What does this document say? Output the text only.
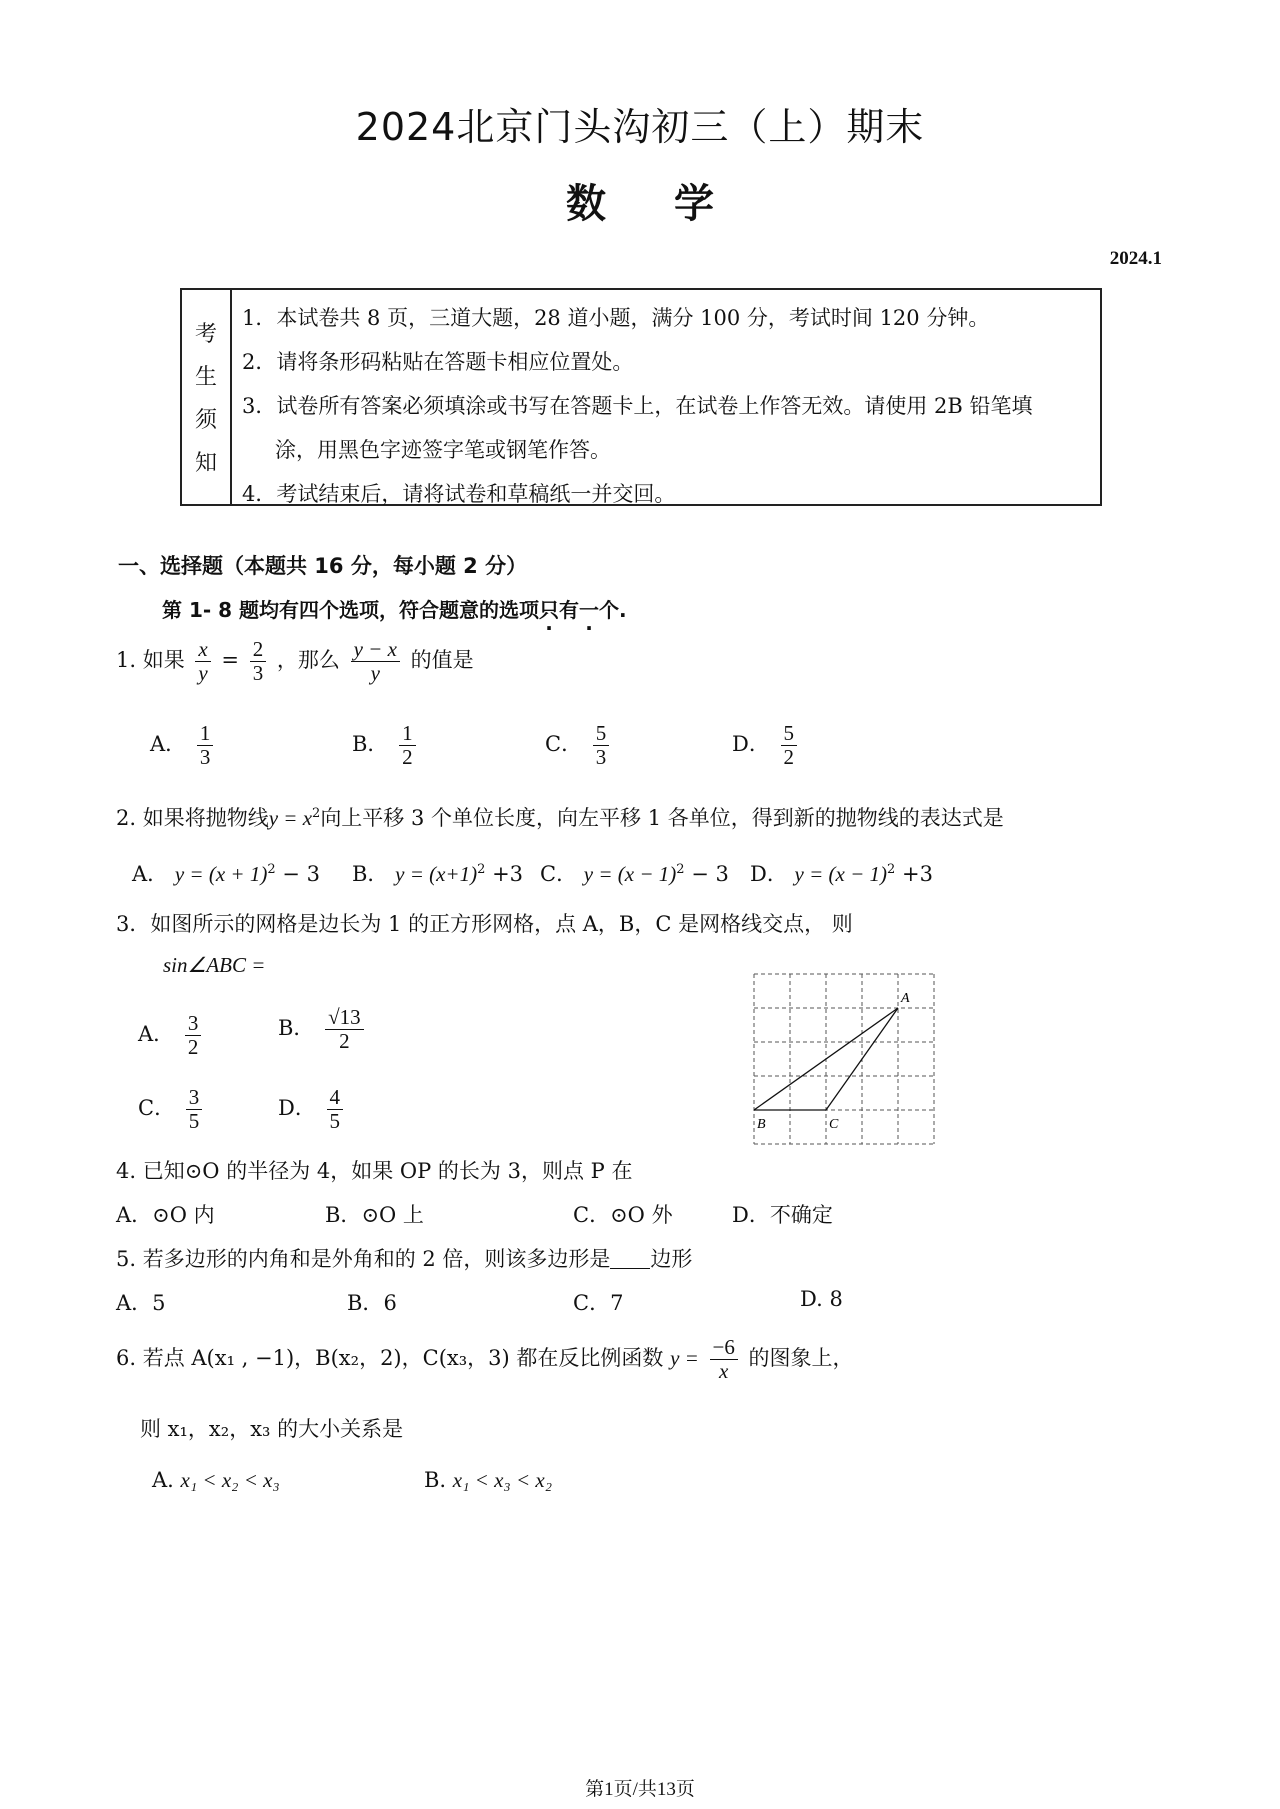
2024北京门头沟初三（上）期末
数学
2024.1
考
生
须
知
1．本试卷共 8 页，三道大题，28 道小题，满分 100 分，考试时间 120 分钟。
2．请将条形码粘贴在答题卡相应位置处。
3．试卷所有答案必须填涂或书写在答题卡上，在试卷上作答无效。请使用 2B 铅笔填
涂，用黑色字迹签字笔或钢笔作答。
4．考试结束后，请将试卷和草稿纸一并交回。
一、选择题（本题共 16 分，每小题 2 分）
第 1- 8 题均有四个选项，符合题意的选项只有一个.
1. 如果 $\frac{x}{y} = \frac{2}{3}$ ，那么 $\frac{y - x}{y}$ 的值是
A． $\frac{1}{3}$	B． $\frac{1}{2}$	C． $\frac{5}{3}$	D． $\frac{5}{2}$
2. 如果将抛物线$y = x^2$向上平移 3 个单位长度，向左平移 1 各单位，得到新的抛物线的表达式是
A． $y = (x + 1)^2 - 3$ B． $y = (x+1)^2 +3$ C． $y = (x - 1)^2 - 3$ D． $y = (x - 1)^2 +3$
3．如图所示的网格是边长为 1 的正方形网格，点 A，B，C 是网格线交点， 则
sin∠ABC =
A． $\frac{3}{2}$	B． $\frac{√13}{2}$
C． $\frac{3}{5}$	D． $\frac{4}{5}$
A
B	C
4. 已知⊙O 的半径为 4，如果 OP 的长为 3，则点 P 在
A．⊙O 内	B．⊙O 上	C．⊙O 外	D．不确定
5. 若多边形的内角和是外角和的 2 倍，则该多边形是 边形
A．5	B．6	C．7	D. 8
6. 若点 A(x₁ , −1)，B(x₂，2)，C(x₃，3) 都在反比例函数 $y = \frac{-6}{x}$ 的图象上，
则 x₁，x₂，x₃ 的大小关系是
A. x₁ < x₂ < x₃	B. x₁ < x₃ < x₂
第1页/共13页
